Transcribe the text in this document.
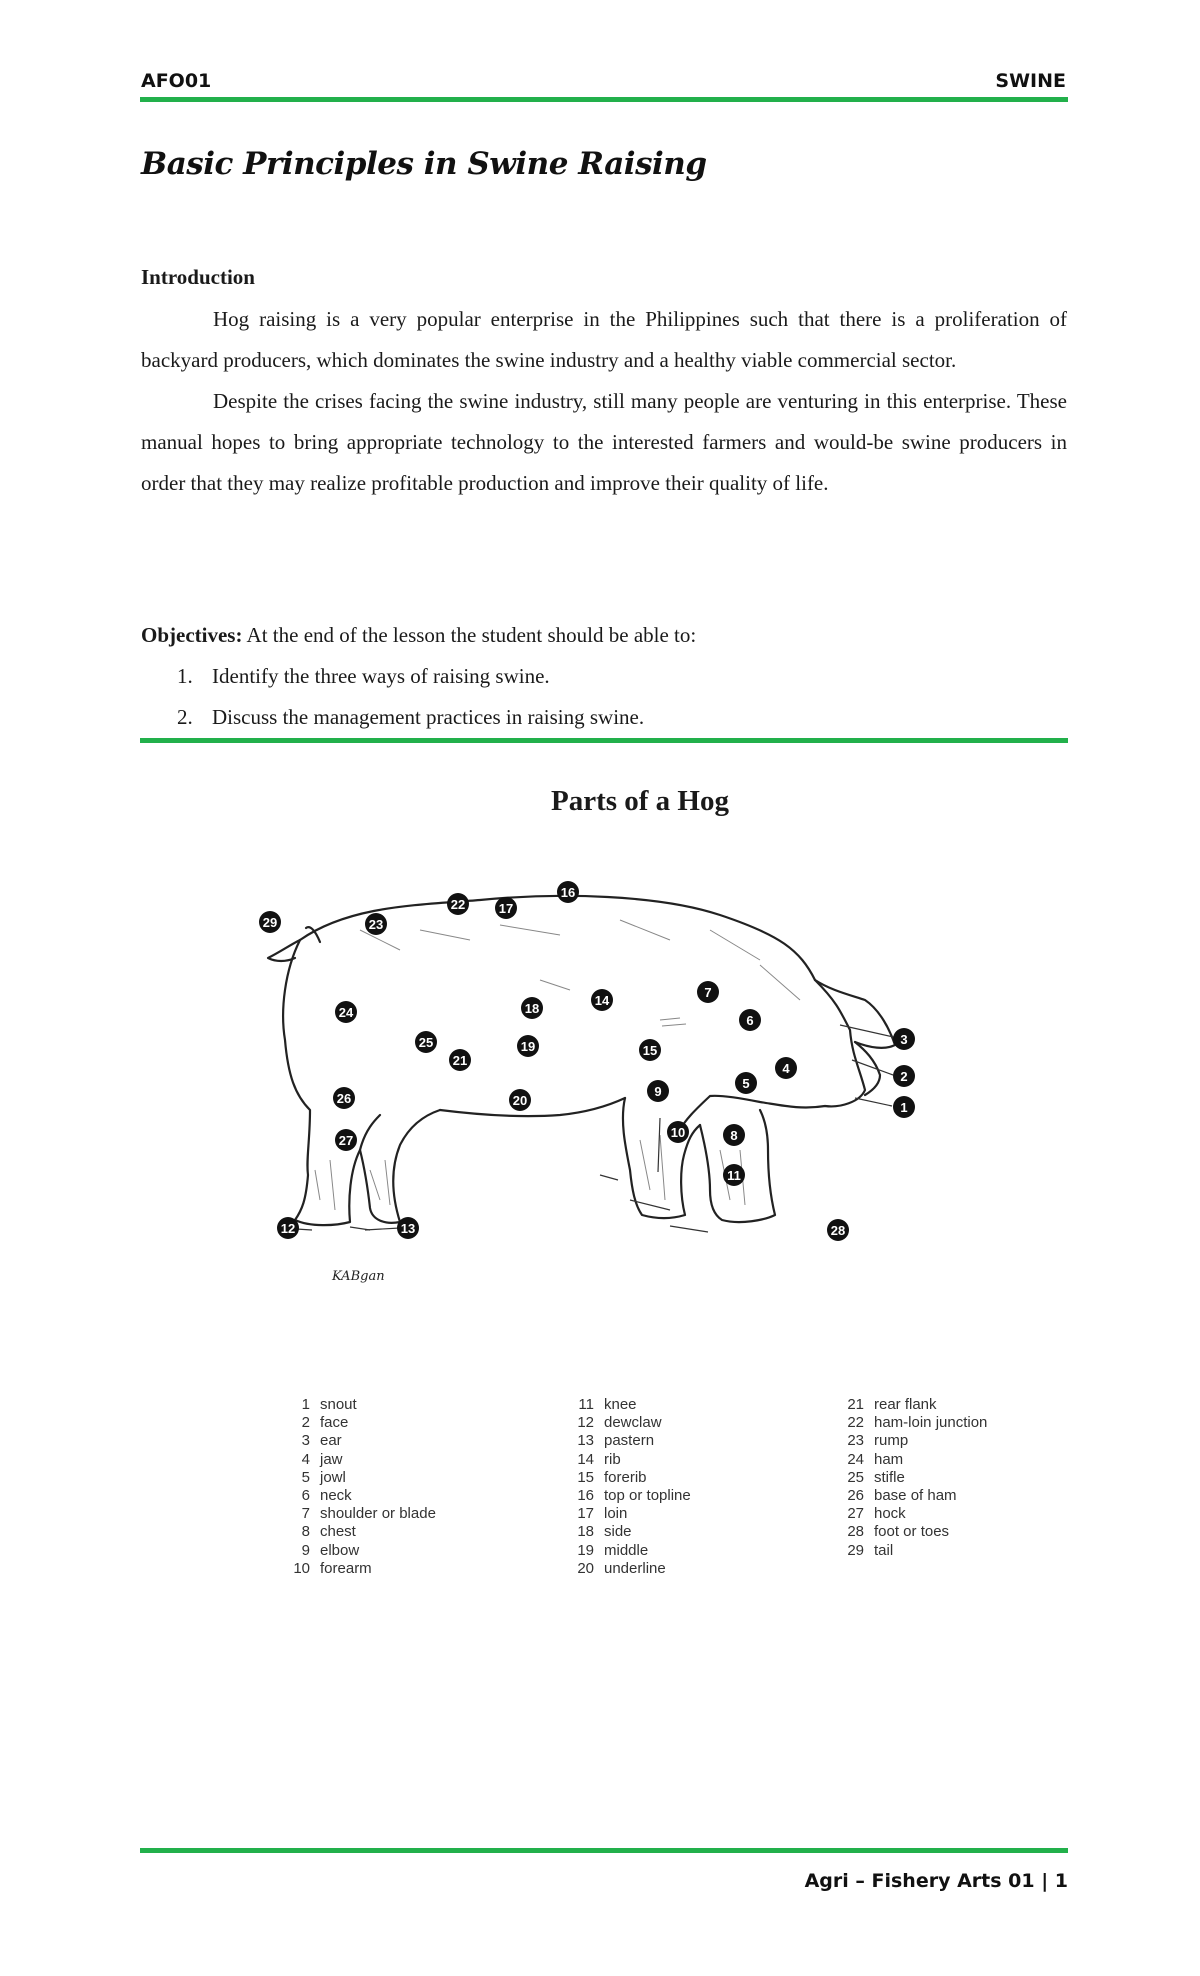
AFO01	SWINE
Basic Principles in Swine Raising
Introduction

Hog raising is a very popular enterprise in the Philippines such that there is a proliferation of backyard producers, which dominates the swine industry and a healthy viable commercial sector.

Despite the crises facing the swine industry, still many people are venturing in this enterprise. These manual hopes to bring appropriate technology to the interested farmers and would-be swine producers in order that they may realize profitable production and improve their quality of life.

Objectives: At the end of the lesson the student should be able to:
1. Identify the three ways of raising swine.
2. Discuss the management practices in raising swine.
Parts of a Hog
1
2
3
4
5
6
7
8
9
10
11
12	13
14
15
16
17
18
19
20
21
22
23
24
25
26
27
28
29
KABgan
1 snout
2 face
3 ear
4 jaw
5 jowl
6 neck
7 shoulder or blade
8 chest
9 elbow
10 forearm
11 knee
12 dewclaw
13 pastern
14 rib
15 forerib
16 top or topline
17 loin
18 side
19 middle
20 underline
21 rear flank
22 ham-loin junction
23 rump
24 ham
25 stifle
26 base of ham
27 hock
28 foot or toes
29 tail
Agri – Fishery Arts 01 | 1
